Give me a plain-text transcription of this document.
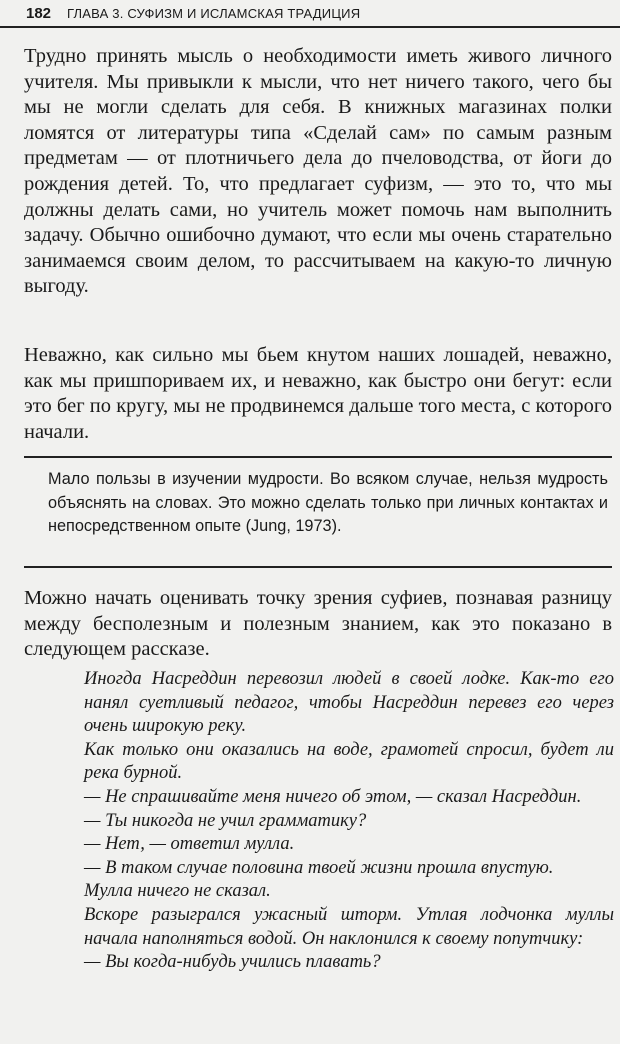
182 ГЛАВА 3. СУФИЗМ И ИСЛАМСКАЯ ТРАДИЦИЯ

Трудно принять мысль о необходимости иметь живого личного учителя. Мы привыкли к мысли, что нет ничего такого, чего бы мы не могли сделать для себя. В книжных магазинах полки ломятся от литературы типа «Сделай сам» по самым разным предметам — от плотничьего дела до пчеловодства, от йоги до рождения детей. То, что предлагает суфизм, — это то, что мы должны делать сами, но учитель может помочь нам выполнить задачу. Обычно ошибочно думают, что если мы очень старательно занимаемся своим делом, то рассчитываем на какую-то личную выгоду.

Неважно, как сильно мы бьем кнутом наших лошадей, неважно, как мы пришпориваем их, и неважно, как быстро они бегут: если это бег по кругу, мы не продвинемся дальше того места, с которого начали.

Мало пользы в изучении мудрости. Во всяком случае, нельзя мудрость объяснять на словах. Это можно сделать только при личных контактах и непосредственном опыте (Jung, 1973).

Можно начать оценивать точку зрения суфиев, познавая разницу между бесполезным и полезным знанием, как это показано в следующем рассказе.

Иногда Насреддин перевозил людей в своей лодке. Как-то его нанял суетливый педагог, чтобы Насреддин перевез его через очень широкую реку.
Как только они оказались на воде, грамотей спросил, будет ли река бурной.
— Не спрашивайте меня ничего об этом, — сказал Насреддин.
— Ты никогда не учил грамматику?
— Нет, — ответил мулла.
— В таком случае половина твоей жизни прошла впустую.
Мулла ничего не сказал.
Вскоре разыгрался ужасный шторм. Утлая лодчонка муллы начала наполняться водой. Он наклонился к своему попутчику:
— Вы когда-нибудь учились плавать?
